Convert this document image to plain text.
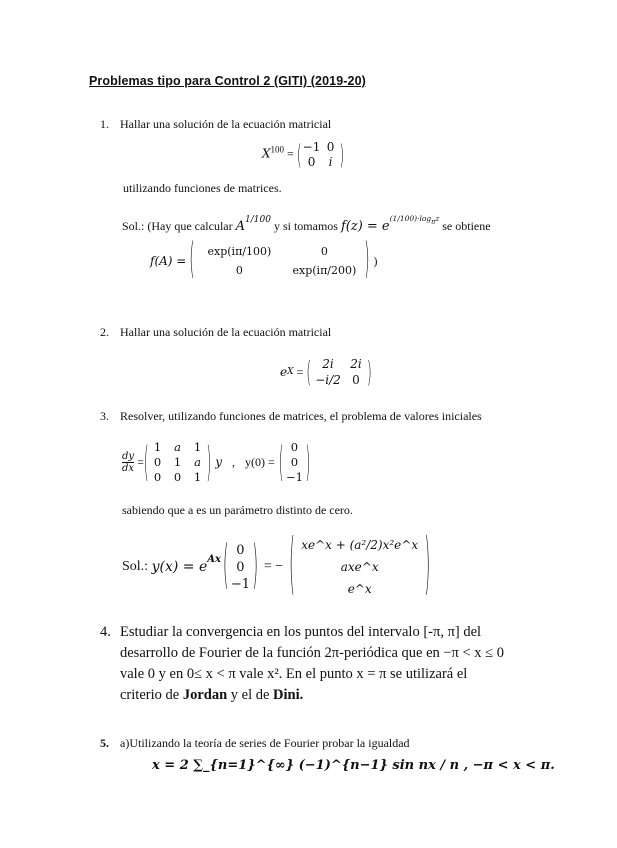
Problemas tipo para Control 2 (GITI) (2019-20)
1. Hallar una solución de la ecuación matricial
$X^{100}$ = ( −1 0
0	i )
utilizando funciones de matrices.
Sol.: (Hay que calcular $A^{1/100}$ y si tomamos $f(z) = e^{(1/100)\cdot log_\pi z}$ se obtiene
f(A) =
(	exp(iπ/100)	0
0	exp(iπ/200) ) )
2. Hallar una solución de la ecuación matricial
e X = ( 2i	2i
−i/2 0 )
3. Resolver, utilizando funciones de matrices, el problema de valores iniciales
$\frac{dy}{dx}$ = ( 1	a	1
0	1	a
0	0	1 ) y , y(0) = ( 0
0
−1 )
sabiendo que a es un parámetro distinto de cero.
Sol.:
$y(x) = e^{Ax}$ ( 0
0
−1 ) = − ( xe^x + (a²/2)x²e^x
axe^x
e^x	)
4. Estudiar la convergencia en los puntos del intervalo [-π, π] del
desarrollo de Fourier de la función 2π-periódica que en −π < x ≤ 0
vale 0 y en 0≤ x < π vale x². En el punto x = π se utilizará el
criterio de Jordan y el de Dini.
5. a)Utilizando la teoría de series de Fourier probar la igualdad
x = 2 ∑_{n=1}^{∞} (−1)^{n−1} sin nx / n , −π < x < π.
